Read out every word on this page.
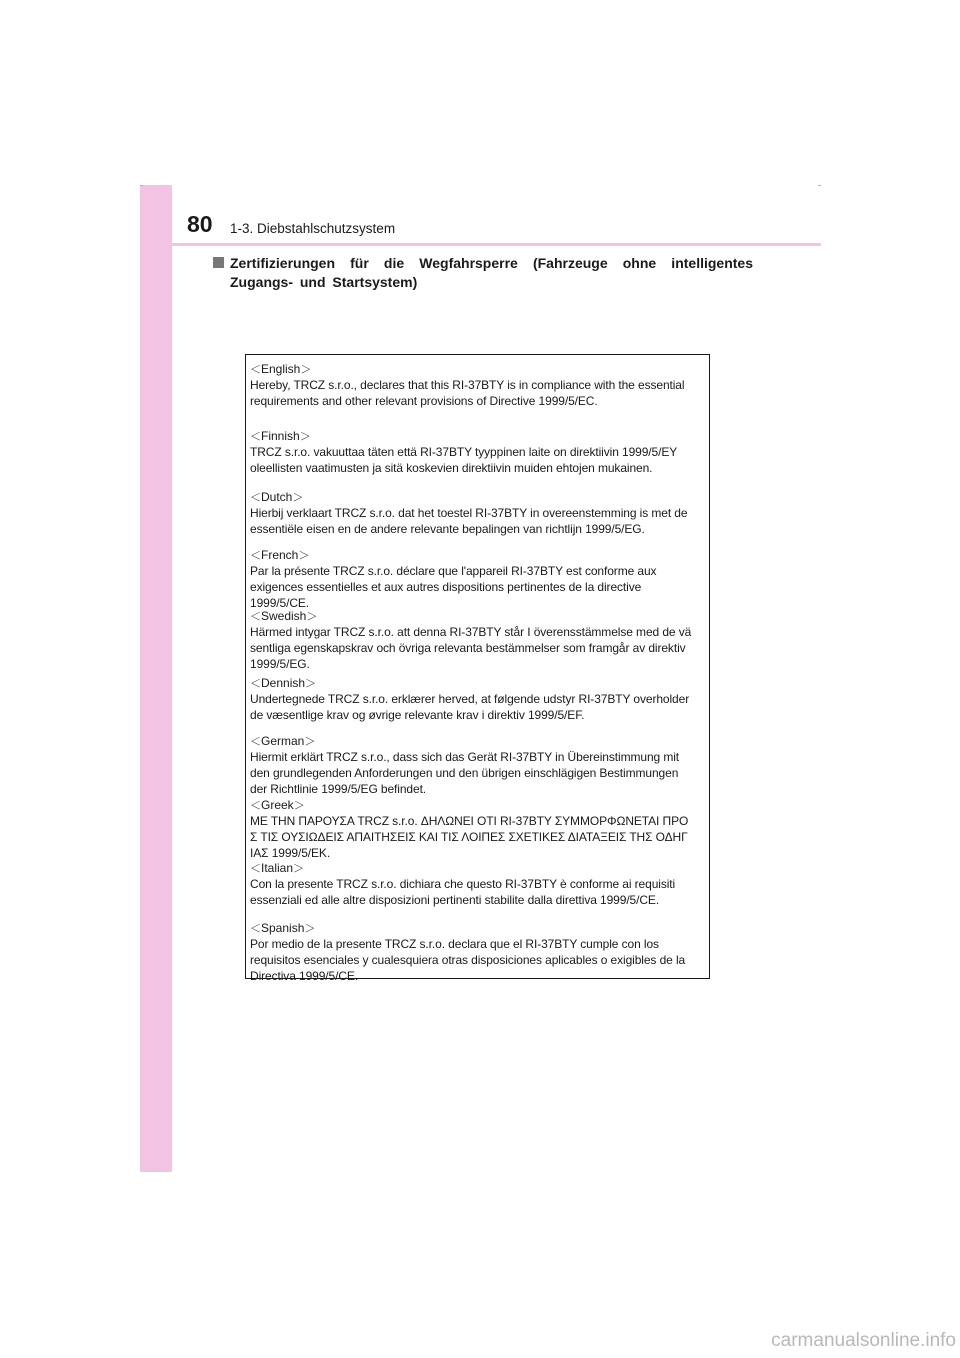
80 1-3. Diebstahlschutzsystem
Zertifizierungen für die Wegfahrsperre (Fahrzeuge ohne intelligentes Zugangs- und Startsystem)
＜English＞
Hereby, TRCZ s.r.o., declares that this RI-37BTY is in compliance with the essential
requirements and other relevant provisions of Directive 1999/5/EC.
＜Finnish＞
TRCZ s.r.o. vakuuttaa täten että RI-37BTY tyyppinen laite on direktiivin 1999/5/EY
oleellisten vaatimusten ja sitä koskevien direktiivin muiden ehtojen mukainen.
＜Dutch＞
Hierbij verklaart TRCZ s.r.o. dat het toestel RI-37BTY in overeenstemming is met de
essentiële eisen en de andere relevante bepalingen van richtlijn 1999/5/EG.
＜French＞
Par la présente TRCZ s.r.o. déclare que l'appareil RI-37BTY est conforme aux
exigences essentielles et aux autres dispositions pertinentes de la directive
1999/5/CE.
＜Swedish＞
Härmed intygar TRCZ s.r.o. att denna RI-37BTY står I överensstämmelse med de vä
sentliga egenskapskrav och övriga relevanta bestämmelser som framgår av direktiv
1999/5/EG.
＜Dennish＞
Undertegnede TRCZ s.r.o. erklærer herved, at følgende udstyr RI-37BTY overholder
de væsentlige krav og øvrige relevante krav i direktiv 1999/5/EF.
＜German＞
Hiermit erklärt TRCZ s.r.o., dass sich das Gerät RI-37BTY in Übereinstimmung mit
den grundlegenden Anforderungen und den übrigen einschlägigen Bestimmungen
der Richtlinie 1999/5/EG befindet.
＜Greek＞
ΜΕ ΤΗΝ ΠΑΡΟΥΣΑ TRCZ s.r.o. ΔΗΛΩΝΕΙ ΟΤΙ RI-37BTY ΣΥΜΜΟΡΦΩΝΕΤΑΙ ΠΡΟ
Σ ΤΙΣ ΟΥΣΙΩΔΕΙΣ ΑΠΑΙΤΗΣΕΙΣ ΚΑΙ ΤΙΣ ΛΟΙΠΕΣ ΣΧΕΤΙΚΕΣ ΔΙΑΤΑΞΕΙΣ ΤΗΣ ΟΔΗΓ
ΙΑΣ 1999/5/ΕΚ.
＜Italian＞
Con la presente TRCZ s.r.o. dichiara che questo RI-37BTY è conforme ai requisiti
essenziali ed alle altre disposizioni pertinenti stabilite dalla direttiva 1999/5/CE.
＜Spanish＞
Por medio de la presente TRCZ s.r.o. declara que el RI-37BTY cumple con los
requisitos esenciales y cualesquiera otras disposiciones aplicables o exigibles de la
Directiva 1999/5/CE.
carmanualsonline.info
